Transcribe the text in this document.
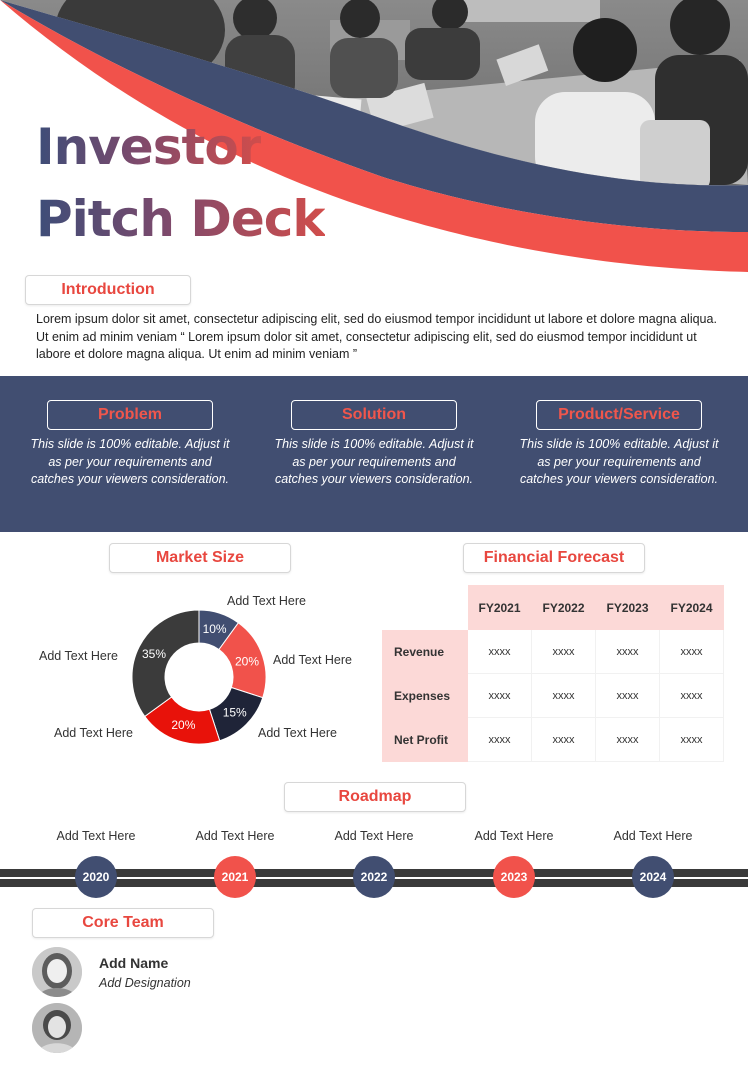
Investor
Pitch Deck
Introduction

Lorem ipsum dolor sit amet, consectetur adipiscing elit, sed do eiusmod tempor incididunt ut labore et dolore magna aliqua. Ut enim ad minim veniam “ Lorem ipsum dolor sit amet, consectetur adipiscing elit, sed do eiusmod tempor incididunt ut labore et dolore magna aliqua. Ut enim ad minim veniam ”

Problem

This slide is 100% editable. Adjust it as per your requirements and catches your viewers consideration.

Solution

This slide is 100% editable. Adjust it as per your requirements and catches your viewers consideration.

Product/Service

This slide is 100% editable. Adjust it as per your requirements and catches your viewers consideration.

Market Size
10%
20%
15%
20%
35%
Add Text Here
Add Text Here
Add Text Here
Add Text Here
Add Text Here
Financial Forecast
	FY2021	FY2022	FY2023	FY2024
Revenue	xxxx	xxxx	xxxx	xxxx
Expenses	xxxx	xxxx	xxxx	xxxx
Net Profit	xxxx	xxxx	xxxx	xxxx
Roadmap
Add Text Here	Add Text Here	Add Text Here	Add Text Here	Add Text Here
2020	2021	2022	2023	2024
Core Team
Add Name
Add Designation
